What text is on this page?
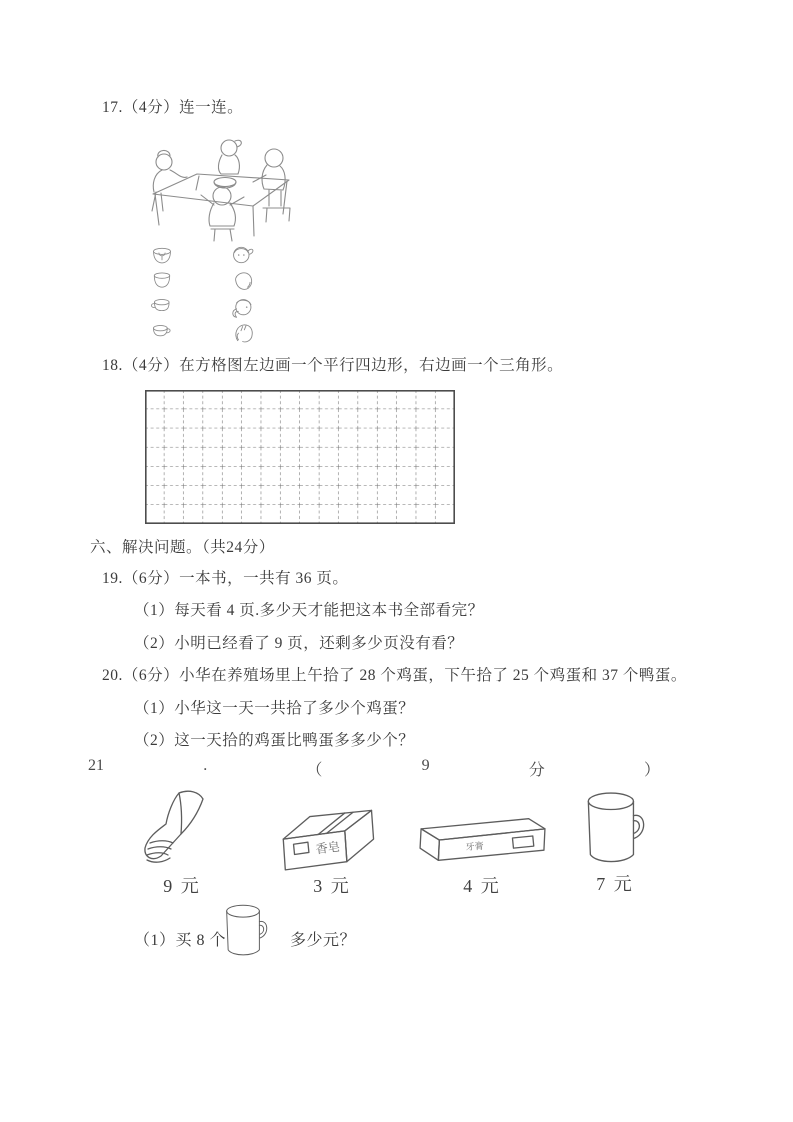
17.（4分）连一连。
18.（4分）在方格图左边画一个平行四边形，右边画一个三角形。
六、解决问题。（共24分）
19.（6分）一本书，一共有 36 页。
（1）每天看 4 页.多少天才能把这本书全部看完？
（2）小明已经看了 9 页，还剩多少页没有看？
20.（6分）小华在养殖场里上午拾了 28 个鸡蛋，下午拾了 25 个鸡蛋和 37 个鸭蛋。
（1）小华这一天一共拾了多少个鸡蛋？
（2）这一天拾的鸡蛋比鸭蛋多多少个？
21	.	（	9	分	）
9 元
香皂
3 元
牙膏
4 元	7 元
（1）买 8 个	多少元？
